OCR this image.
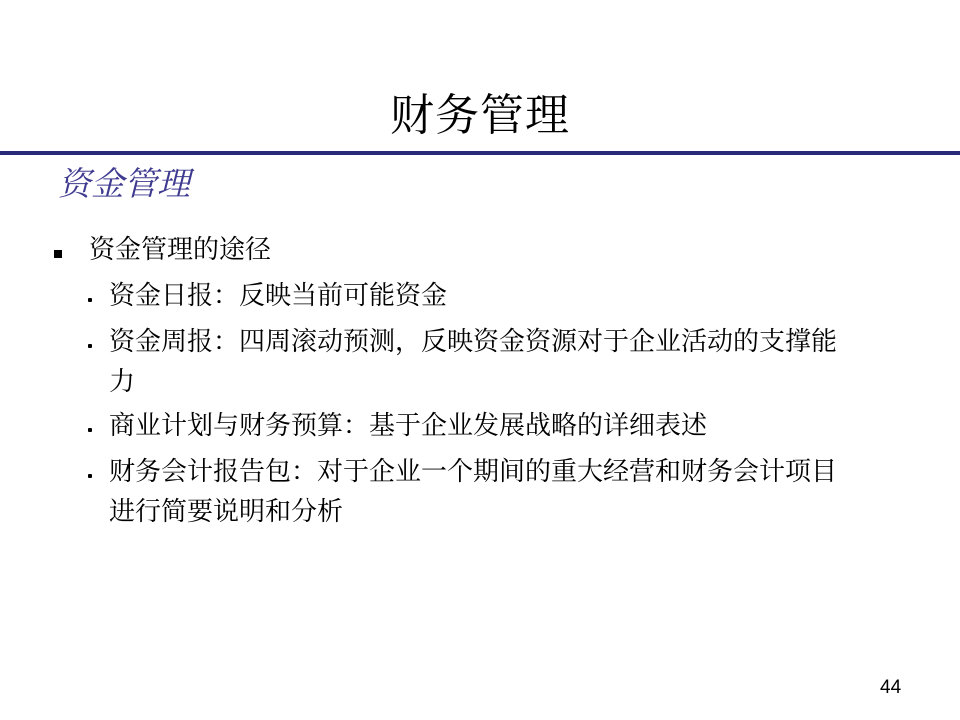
财务管理
资金管理
资金管理的途径
资金日报：反映当前可能资金
资金周报：四周滚动预测，反映资金资源对于企业活动的支撑能力
商业计划与财务预算：基于企业发展战略的详细表述
财务会计报告包：对于企业一个期间的重大经营和财务会计项目进行简要说明和分析
44
